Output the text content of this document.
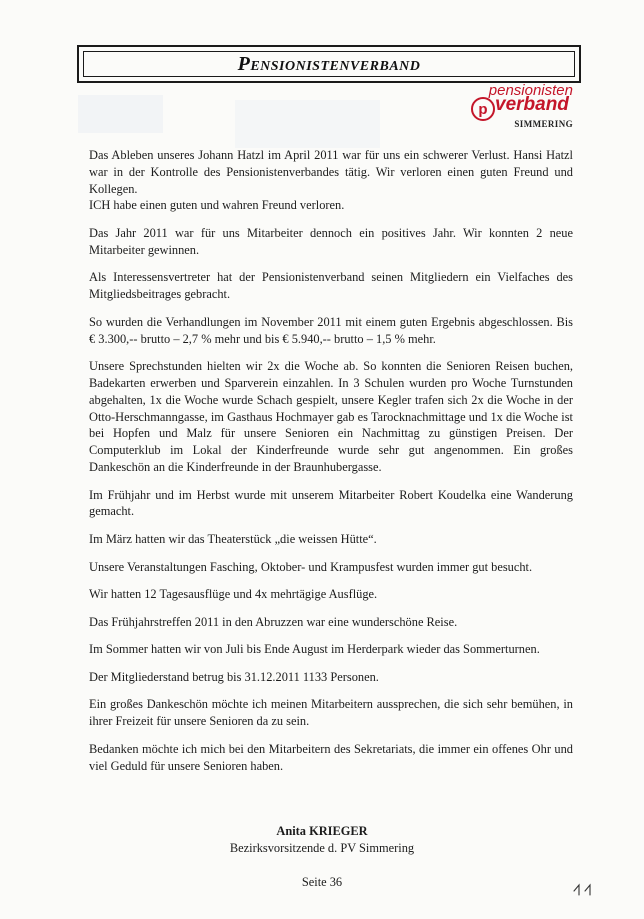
Pensionistenverband
pensionisten
p verband
SIMMERING

Das Ableben unseres Johann Hatzl im April 2011 war für uns ein schwerer Verlust. Hansi Hatzl war in der Kontrolle des Pensionistenverbandes tätig. Wir verloren einen guten Freund und Kollegen.
ICH habe einen guten und wahren Freund verloren.

Das Jahr 2011 war für uns Mitarbeiter dennoch ein positives Jahr. Wir konnten 2 neue Mitarbeiter gewinnen.

Als Interessensvertreter hat der Pensionistenverband seinen Mitgliedern ein Vielfaches des Mitgliedsbeitrages gebracht.

So wurden die Verhandlungen im November 2011 mit einem guten Ergebnis abgeschlossen. Bis € 3.300,-- brutto – 2,7 % mehr und bis € 5.940,-- brutto – 1,5 % mehr.

Unsere Sprechstunden hielten wir 2x die Woche ab. So konnten die Senioren Reisen buchen, Badekarten erwerben und Sparverein einzahlen. In 3 Schulen wurden pro Woche Turnstunden abgehalten, 1x die Woche wurde Schach gespielt, unsere Kegler trafen sich 2x die Woche in der Otto-Herschmanngasse, im Gasthaus Hochmayer gab es Tarocknachmittage und 1x die Woche ist bei Hopfen und Malz für unsere Senioren ein Nachmittag zu günstigen Preisen. Der Computerklub im Lokal der Kinderfreunde wurde sehr gut angenommen. Ein großes Dankeschön an die Kinderfreunde in der Braunhubergasse.

Im Frühjahr und im Herbst wurde mit unserem Mitarbeiter Robert Koudelka eine Wanderung gemacht.

Im März hatten wir das Theaterstück „die weissen Hütte“.

Unsere Veranstaltungen Fasching, Oktober- und Krampusfest wurden immer gut besucht.

Wir hatten 12 Tagesausflüge und 4x mehrtägige Ausflüge.

Das Frühjahrstreffen 2011 in den Abruzzen war eine wunderschöne Reise.

Im Sommer hatten wir von Juli bis Ende August im Herderpark wieder das Sommerturnen.

Der Mitgliederstand betrug bis 31.12.2011 1133 Personen.

Ein großes Dankeschön möchte ich meinen Mitarbeitern aussprechen, die sich sehr bemühen, in ihrer Freizeit für unsere Senioren da zu sein.

Bedanken möchte ich mich bei den Mitarbeitern des Sekretariats, die immer ein offenes Ohr und viel Geduld für unsere Senioren haben.

Anita KRIEGER
Bezirksvorsitzende d. PV Simmering
Seite 36
